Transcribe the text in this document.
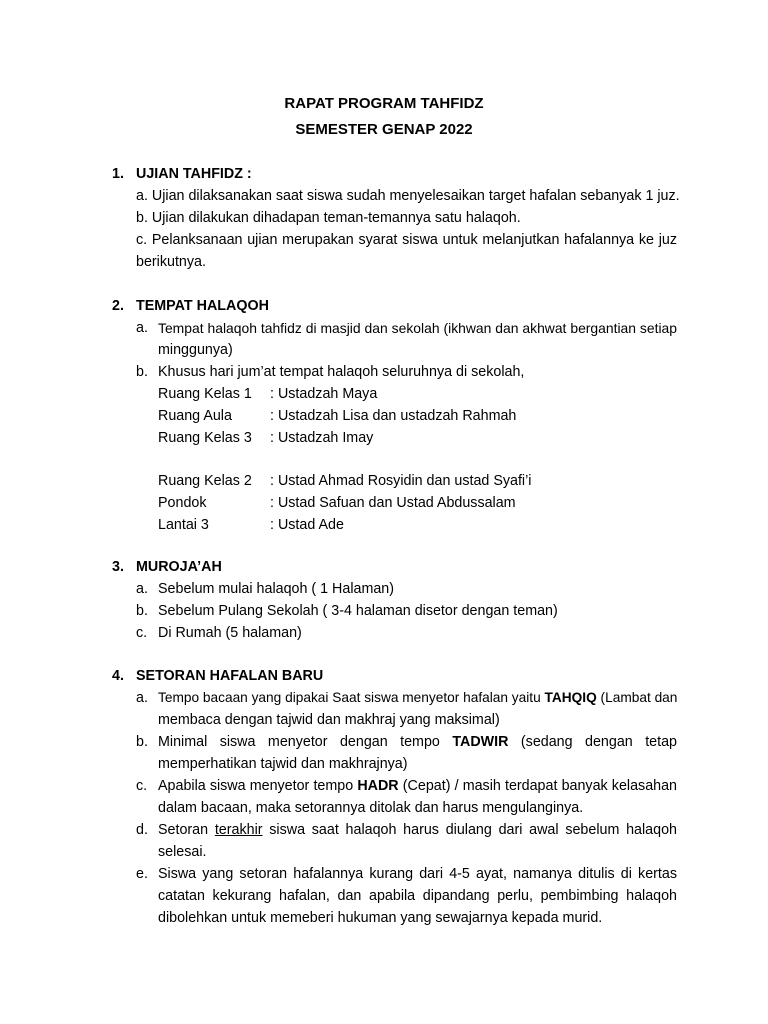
RAPAT PROGRAM TAHFIDZ
SEMESTER GENAP 2022
1. UJIAN TAHFIDZ :
a. Ujian dilaksanakan saat siswa sudah menyelesaikan target hafalan sebanyak 1 juz.
b. Ujian dilakukan dihadapan teman-temannya satu halaqoh.
c. Pelanksanaan ujian merupakan syarat siswa untuk melanjutkan hafalannya ke juz
berikutnya.
2. TEMPAT HALAQOH
a. Tempat halaqoh tahfidz di masjid dan sekolah (ikhwan dan akhwat bergantian setiap
minggunya)
b. Khusus hari jum’at tempat halaqoh seluruhnya di sekolah,
Ruang Kelas 1	: Ustadzah Maya
Ruang Aula	: Ustadzah Lisa dan ustadzah Rahmah
Ruang Kelas 3	: Ustadzah Imay
Ruang Kelas 2	: Ustad Ahmad Rosyidin dan ustad Syafi’i
Pondok	: Ustad Safuan dan Ustad Abdussalam
Lantai 3	: Ustad Ade
3. MUROJA’AH
a. Sebelum mulai halaqoh ( 1 Halaman)
b. Sebelum Pulang Sekolah ( 3-4 halaman disetor dengan teman)
c. Di Rumah (5 halaman)
4. SETORAN HAFALAN BARU
a. Tempo bacaan yang dipakai Saat siswa menyetor hafalan yaitu TAHQIQ (Lambat dan
membaca dengan tajwid dan makhraj yang maksimal)
b. Minimal siswa menyetor dengan tempo TADWIR (sedang dengan tetap
memperhatikan tajwid dan makhrajnya)
c. Apabila siswa menyetor tempo HADR (Cepat) / masih terdapat banyak kelasahan
dalam bacaan, maka setorannya ditolak dan harus mengulanginya.
d. Setoran terakhir siswa saat halaqoh harus diulang dari awal sebelum halaqoh
selesai.
e. Siswa yang setoran hafalannya kurang dari 4-5 ayat, namanya ditulis di kertas
catatan kekurang hafalan, dan apabila dipandang perlu, pembimbing halaqoh
dibolehkan untuk memeberi hukuman yang sewajarnya kepada murid.
